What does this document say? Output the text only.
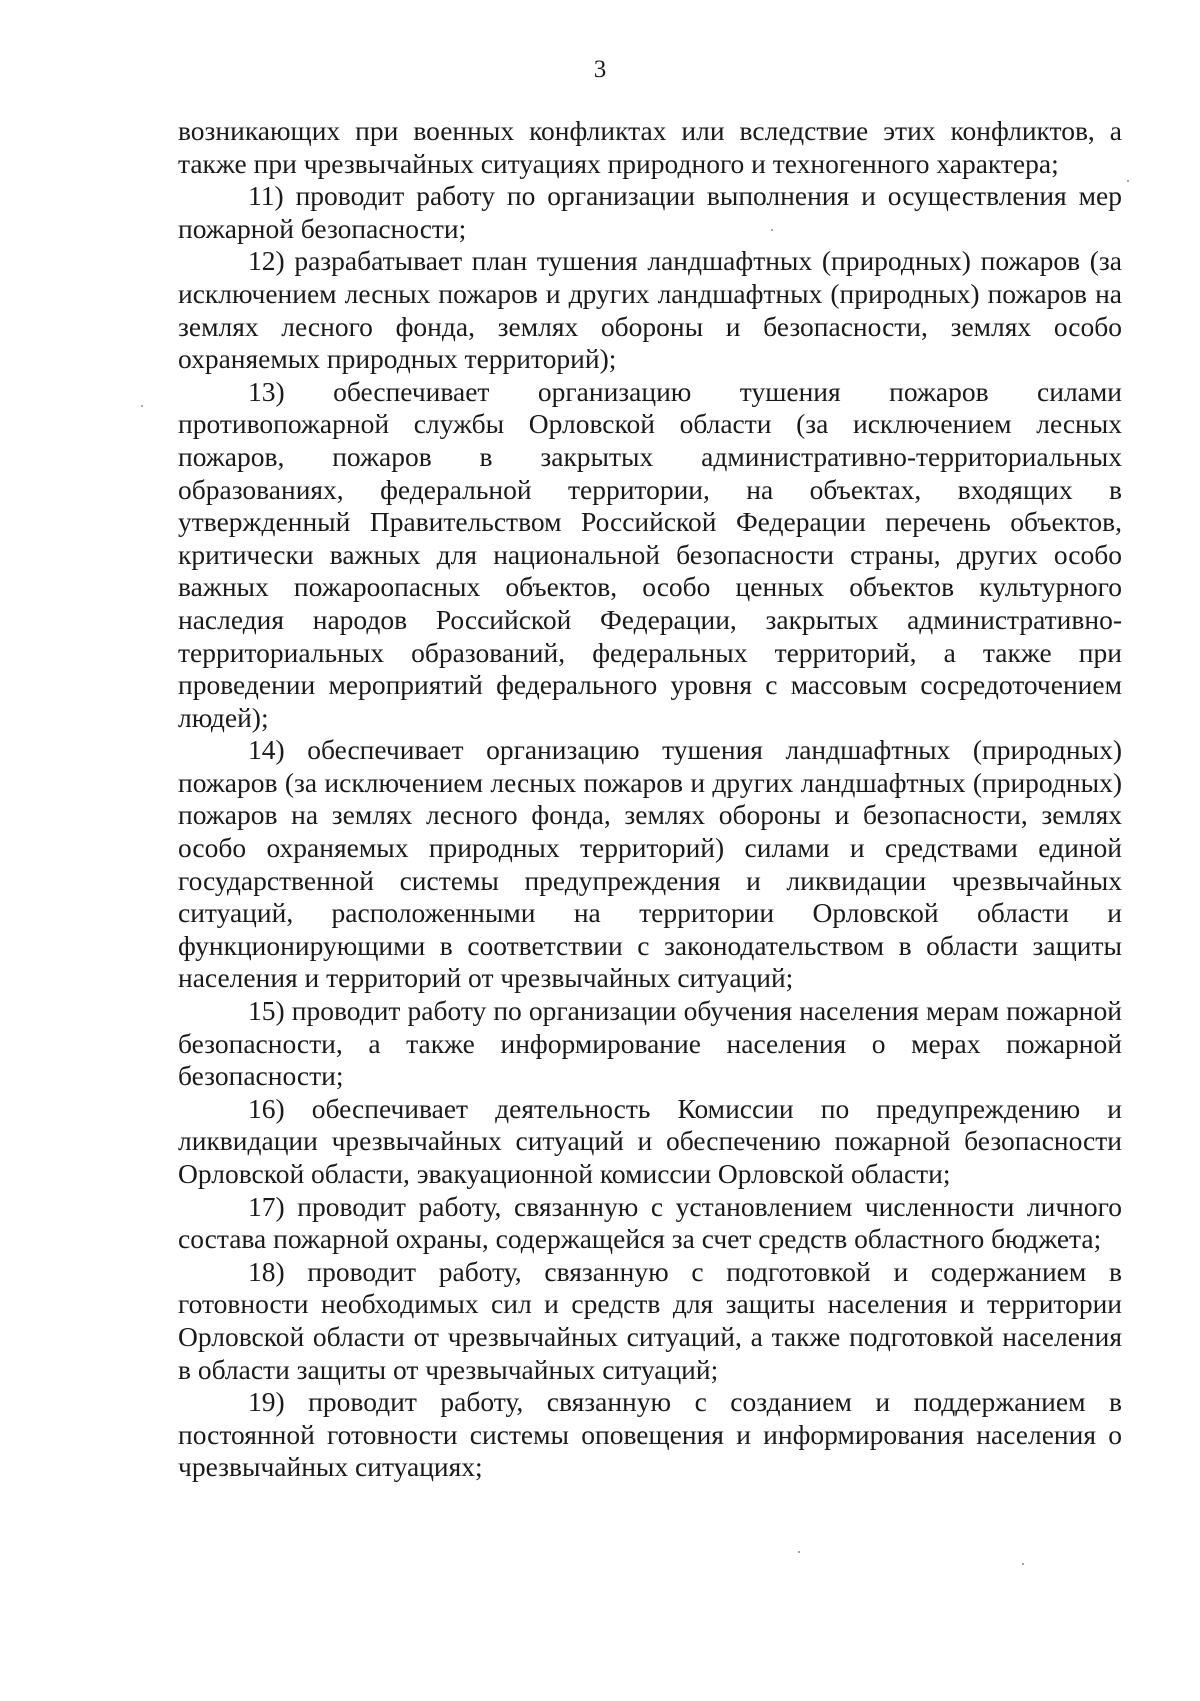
3

возникающих при военных конфликтах или вследствие этих конфликтов, а также при чрезвычайных ситуациях природного и техногенного характера;

11) проводит работу по организации выполнения и осуществления мер пожарной безопасности;

12) разрабатывает план тушения ландшафтных (природных) пожаров (за исключением лесных пожаров и других ландшафтных (природных) пожаров на землях лесного фонда, землях обороны и безопасности, землях особо охраняемых природных территорий);

13) обеспечивает организацию тушения пожаров силами противопожарной службы Орловской области (за исключением лесных пожаров, пожаров в закрытых административно-территориальных образованиях, федеральной территории, на объектах, входящих в утвержденный Правительством Российской Федерации перечень объектов, критически важных для национальной безопасности страны, других особо важных пожароопасных объектов, особо ценных объектов культурного наследия народов Российской Федерации, закрытых административно-территориальных образований, федеральных территорий, а также при проведении мероприятий федерального уровня с массовым сосредоточением людей);

14) обеспечивает организацию тушения ландшафтных (природных) пожаров (за исключением лесных пожаров и других ландшафтных (природных) пожаров на землях лесного фонда, землях обороны и безопасности, землях особо охраняемых природных территорий) силами и средствами единой государственной системы предупреждения и ликвидации чрезвычайных ситуаций, расположенными на территории Орловской области и функционирующими в соответствии с законодательством в области защиты населения и территорий от чрезвычайных ситуаций;

15) проводит работу по организации обучения населения мерам пожарной безопасности, а также информирование населения о мерах пожарной безопасности;

16) обеспечивает деятельность Комиссии по предупреждению и ликвидации чрезвычайных ситуаций и обеспечению пожарной безопасности Орловской области, эвакуационной комиссии Орловской области;

17) проводит работу, связанную с установлением численности личного состава пожарной охраны, содержащейся за счет средств областного бюджета;

18) проводит работу, связанную с подготовкой и содержанием в готовности необходимых сил и средств для защиты населения и территории Орловской области от чрезвычайных ситуаций, а также подготовкой населения в области защиты от чрезвычайных ситуаций;

19) проводит работу, связанную с созданием и поддержанием в постоянной готовности системы оповещения и информирования населения о чрезвычайных ситуациях;
